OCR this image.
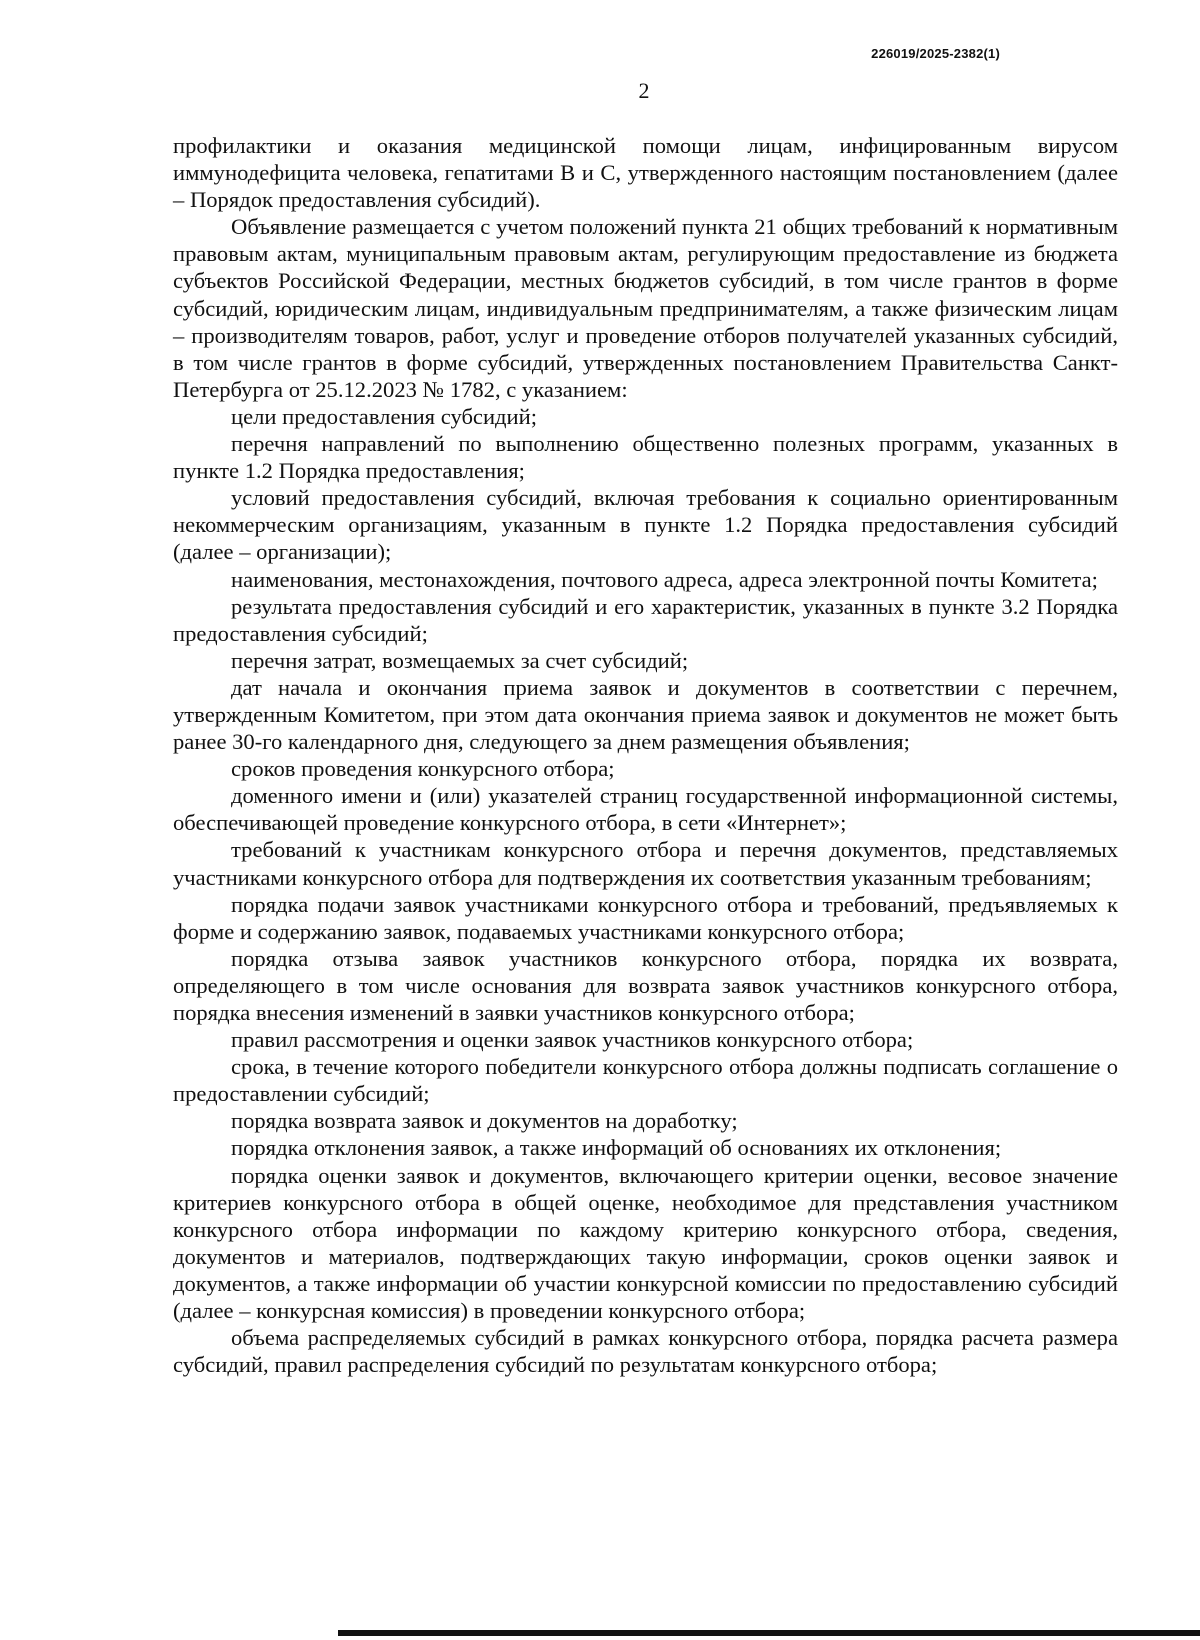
226019/2025-2382(1)
2

профилактики и оказания медицинской помощи лицам, инфицированным вирусом иммунодефицита человека, гепатитами В и С, утвержденного настоящим постановлением (далее – Порядок предоставления субсидий).

Объявление размещается с учетом положений пункта 21 общих требований к нормативным правовым актам, муниципальным правовым актам, регулирующим предоставление из бюджета субъектов Российской Федерации, местных бюджетов субсидий, в том числе грантов в форме субсидий, юридическим лицам, индивидуальным предпринимателям, а также физическим лицам – производителям товаров, работ, услуг и проведение отборов получателей указанных субсидий, в том числе грантов в форме субсидий, утвержденных постановлением Правительства Санкт-Петербурга от 25.12.2023 № 1782, с указанием:

цели предоставления субсидий;

перечня направлений по выполнению общественно полезных программ, указанных в пункте 1.2 Порядка предоставления;

условий предоставления субсидий, включая требования к социально ориентированным некоммерческим организациям, указанным в пункте 1.2 Порядка предоставления субсидий (далее – организации);

наименования, местонахождения, почтового адреса, адреса электронной почты Комитета;

результата предоставления субсидий и его характеристик, указанных в пункте 3.2 Порядка предоставления субсидий;

перечня затрат, возмещаемых за счет субсидий;

дат начала и окончания приема заявок и документов в соответствии с перечнем, утвержденным Комитетом, при этом дата окончания приема заявок и документов не может быть ранее 30-го календарного дня, следующего за днем размещения объявления;

сроков проведения конкурсного отбора;

доменного имени и (или) указателей страниц государственной информационной системы, обеспечивающей проведение конкурсного отбора, в сети «Интернет»;

требований к участникам конкурсного отбора и перечня документов, представляемых участниками конкурсного отбора для подтверждения их соответствия указанным требованиям;

порядка подачи заявок участниками конкурсного отбора и требований, предъявляемых к форме и содержанию заявок, подаваемых участниками конкурсного отбора;

порядка отзыва заявок участников конкурсного отбора, порядка их возврата, определяющего в том числе основания для возврата заявок участников конкурсного отбора, порядка внесения изменений в заявки участников конкурсного отбора;

правил рассмотрения и оценки заявок участников конкурсного отбора;

срока, в течение которого победители конкурсного отбора должны подписать соглашение о предоставлении субсидий;

порядка возврата заявок и документов на доработку;

порядка отклонения заявок, а также информаций об основаниях их отклонения;

порядка оценки заявок и документов, включающего критерии оценки, весовое значение критериев конкурсного отбора в общей оценке, необходимое для представления участником конкурсного отбора информации по каждому критерию конкурсного отбора, сведения, документов и материалов, подтверждающих такую информации, сроков оценки заявок и документов, а также информации об участии конкурсной комиссии по предоставлению субсидий (далее – конкурсная комиссия) в проведении конкурсного отбора;

объема распределяемых субсидий в рамках конкурсного отбора, порядка расчета размера субсидий, правил распределения субсидий по результатам конкурсного отбора;
